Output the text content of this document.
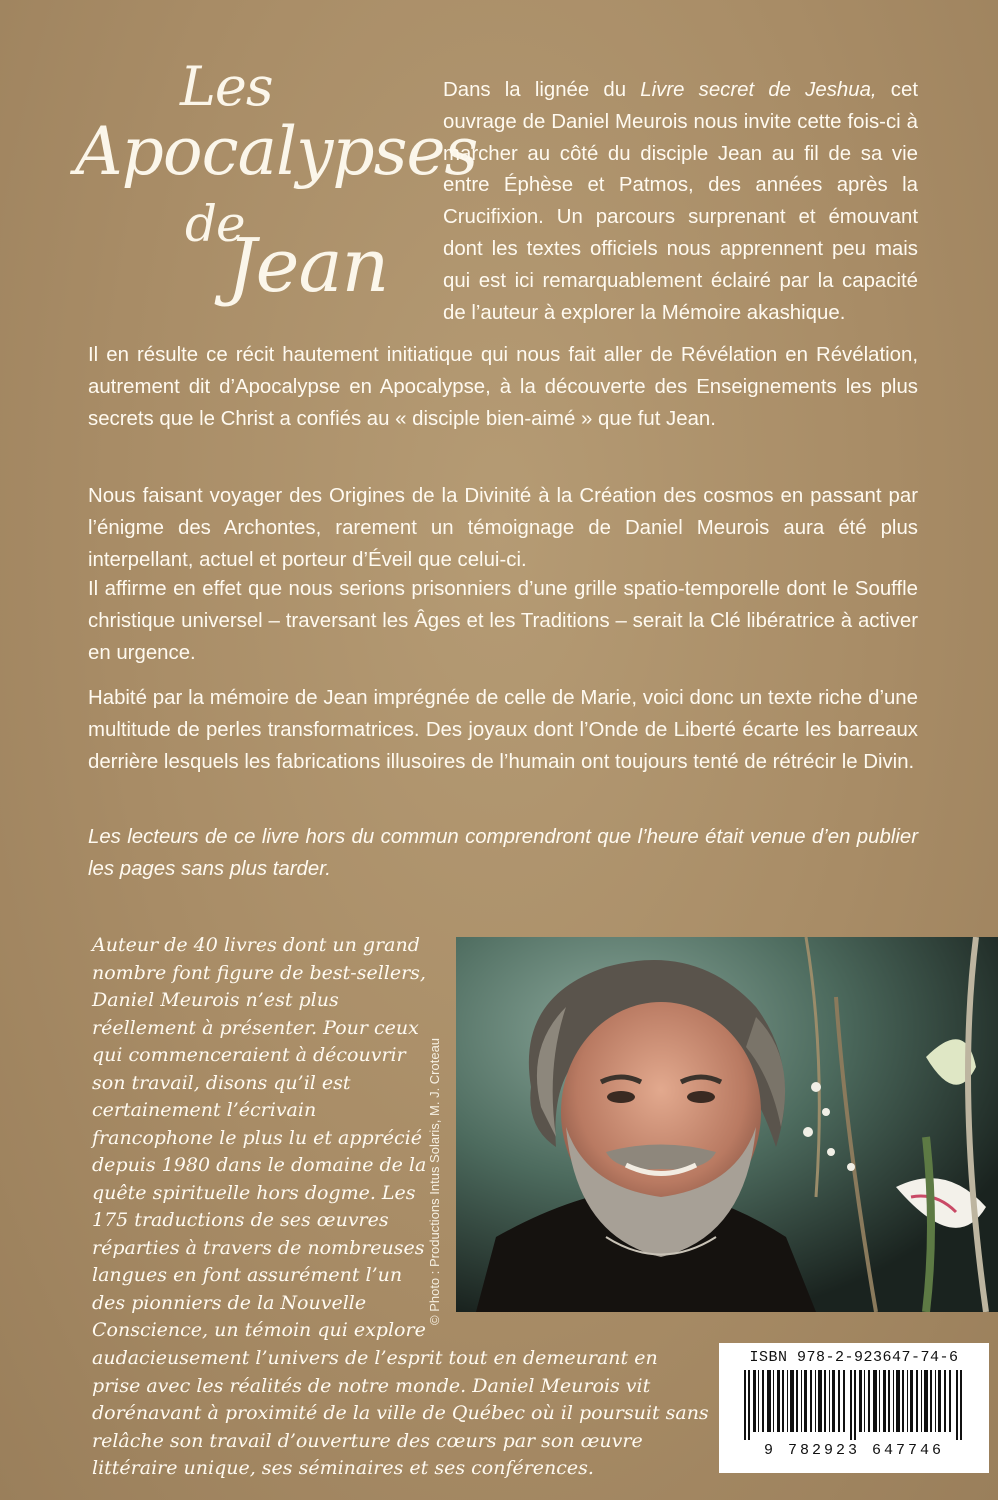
Les
Apocalypses
de
Jean
Dans la lignée du Livre secret de Jeshua, cet ouvrage de Daniel Meurois nous invite cette fois-ci à marcher au côté du disciple Jean au fil de sa vie entre Éphèse et Patmos, des années après la Crucifixion. Un parcours surprenant et émouvant dont les textes officiels nous apprennent peu mais qui est ici remarquablement éclairé par la capacité de l’auteur à explorer la Mémoire akashique.
Il en résulte ce récit hautement initiatique qui nous fait aller de Révélation en Révélation, autrement dit d’Apocalypse en Apocalypse, à la découverte des Enseignements les plus secrets que le Christ a confiés au « disciple bien-aimé » que fut Jean.
Nous faisant voyager des Origines de la Divinité à la Création des cosmos en passant par l’énigme des Archontes, rarement un témoignage de Daniel Meurois aura été plus interpellant, actuel et porteur d’Éveil que celui-ci.
Il affirme en effet que nous serions prisonniers d’une grille spatio-temporelle dont le Souffle christique universel – traversant les Âges et les Traditions – serait la Clé libératrice à activer en urgence.
Habité par la mémoire de Jean imprégnée de celle de Marie, voici donc un texte riche d’une multitude de perles transformatrices. Des joyaux dont l’Onde de Liberté écarte les barreaux derrière lesquels les fabrications illusoires de l’humain ont toujours tenté de rétrécir le Divin.
Les lecteurs de ce livre hors du commun comprendront que l’heure était venue d’en publier les pages sans plus tarder.
Auteur de 40 livres dont un grand nombre font figure de best-sellers, Daniel Meurois n’est plus réellement à présenter. Pour ceux qui commenceraient à découvrir son travail, disons qu’il est certainement l’écrivain francophone le plus lu et apprécié depuis 1980 dans le domaine de la quête spirituelle hors dogme. Les 175 traductions de ses œuvres réparties à travers de nombreuses langues en font assurément l’un des pionniers de la Nouvelle Conscience, un témoin qui explore
© Photo : Productions Intus Solaris, M. J. Croteau
audacieusement l’univers de l’esprit tout en demeurant en prise avec les réalités de notre monde. Daniel Meurois vit dorénavant à proximité de la ville de Québec où il poursuit sans relâche son travail d’ouverture des cœurs par son œuvre littéraire unique, ses séminaires et ses conférences.
ISBN 978-2-923647-74-6
9 782923 647746
